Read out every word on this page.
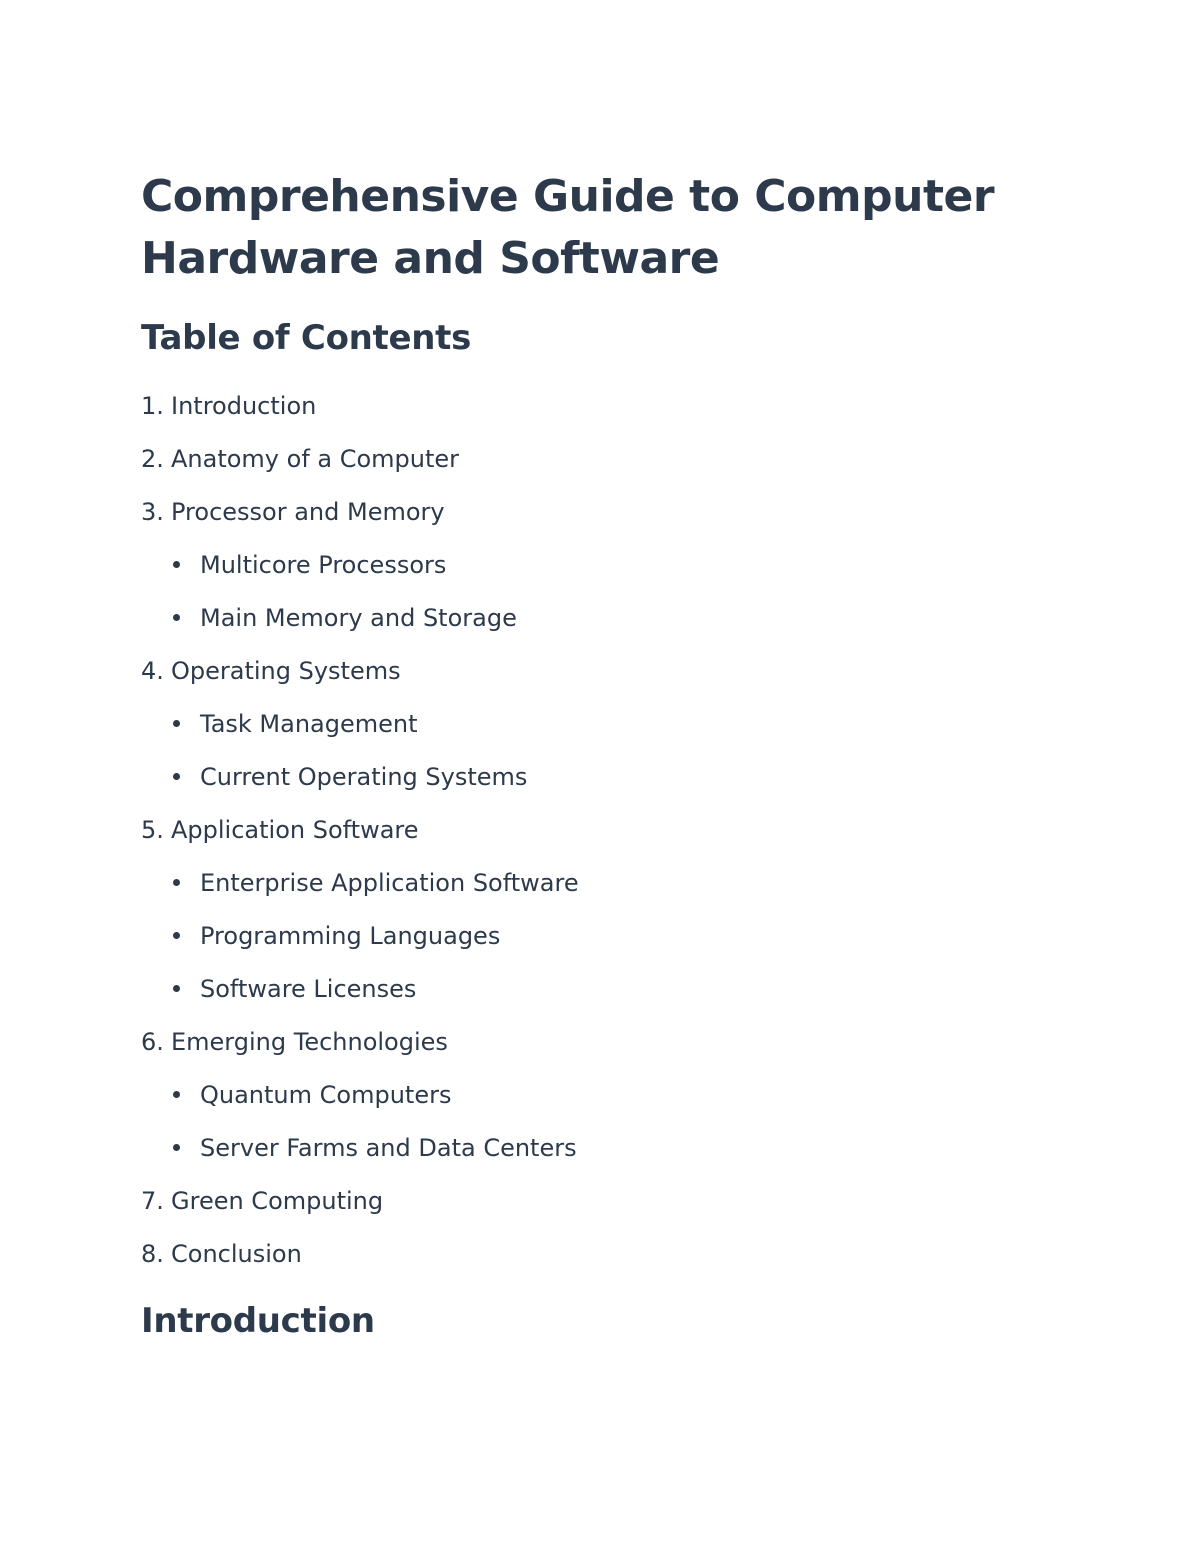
Comprehensive Guide to Computer Hardware and Software
Table of Contents
1. Introduction
2. Anatomy of a Computer
3. Processor and Memory
Multicore Processors
Main Memory and Storage
4. Operating Systems
Task Management
Current Operating Systems
5. Application Software
Enterprise Application Software
Programming Languages
Software Licenses
6. Emerging Technologies
Quantum Computers
Server Farms and Data Centers
7. Green Computing
8. Conclusion
Introduction
